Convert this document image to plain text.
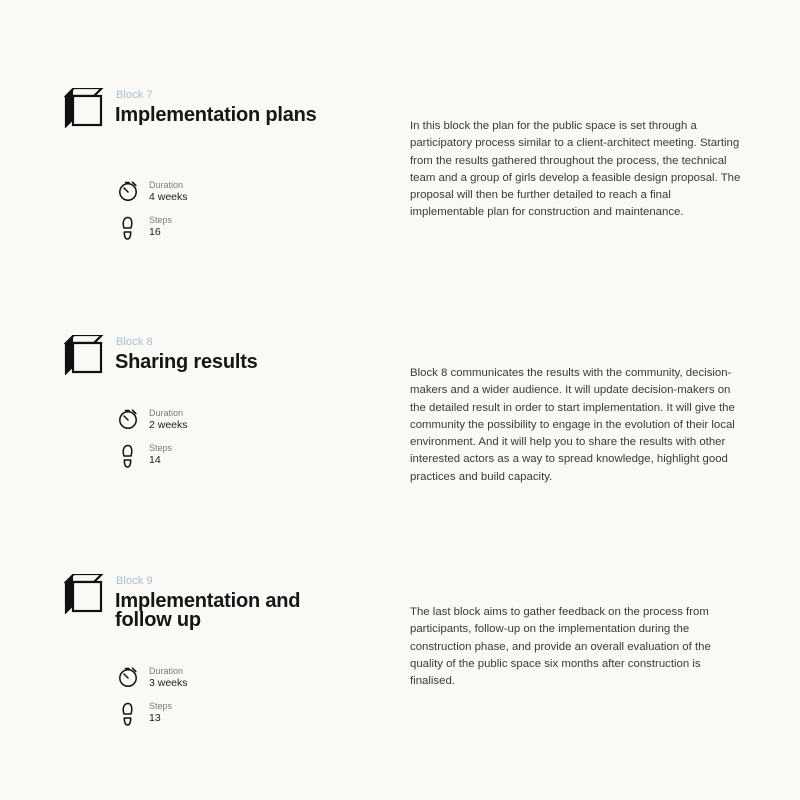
Block 7
Implementation plans
Duration
4 weeks
Steps
16

In this block the plan for the public space is set through a participatory process similar to a client-architect meeting. Starting from the results gathered throughout the process, the technical team and a group of girls develop a feasible design proposal. The proposal will then be further detailed to reach a final implementable plan for construction and maintenance.

Block 8
Sharing results
Duration
2 weeks
Steps
14

Block 8 communicates the results with the community, decision-makers and a wider audience. It will update decision-makers on the detailed result in order to start implementation. It will give the community the possibility to engage in the evolution of their local environment. And it will help you to share the results with other interested actors as a way to spread knowledge, highlight good practices and build capacity.

Block 9
Implementation and follow up
Duration
3 weeks
Steps
13

The last block aims to gather feedback on the process from participants, follow-up on the implementation during the construction phase, and provide an overall evaluation of the quality of the public space six months after construction is finalised.
